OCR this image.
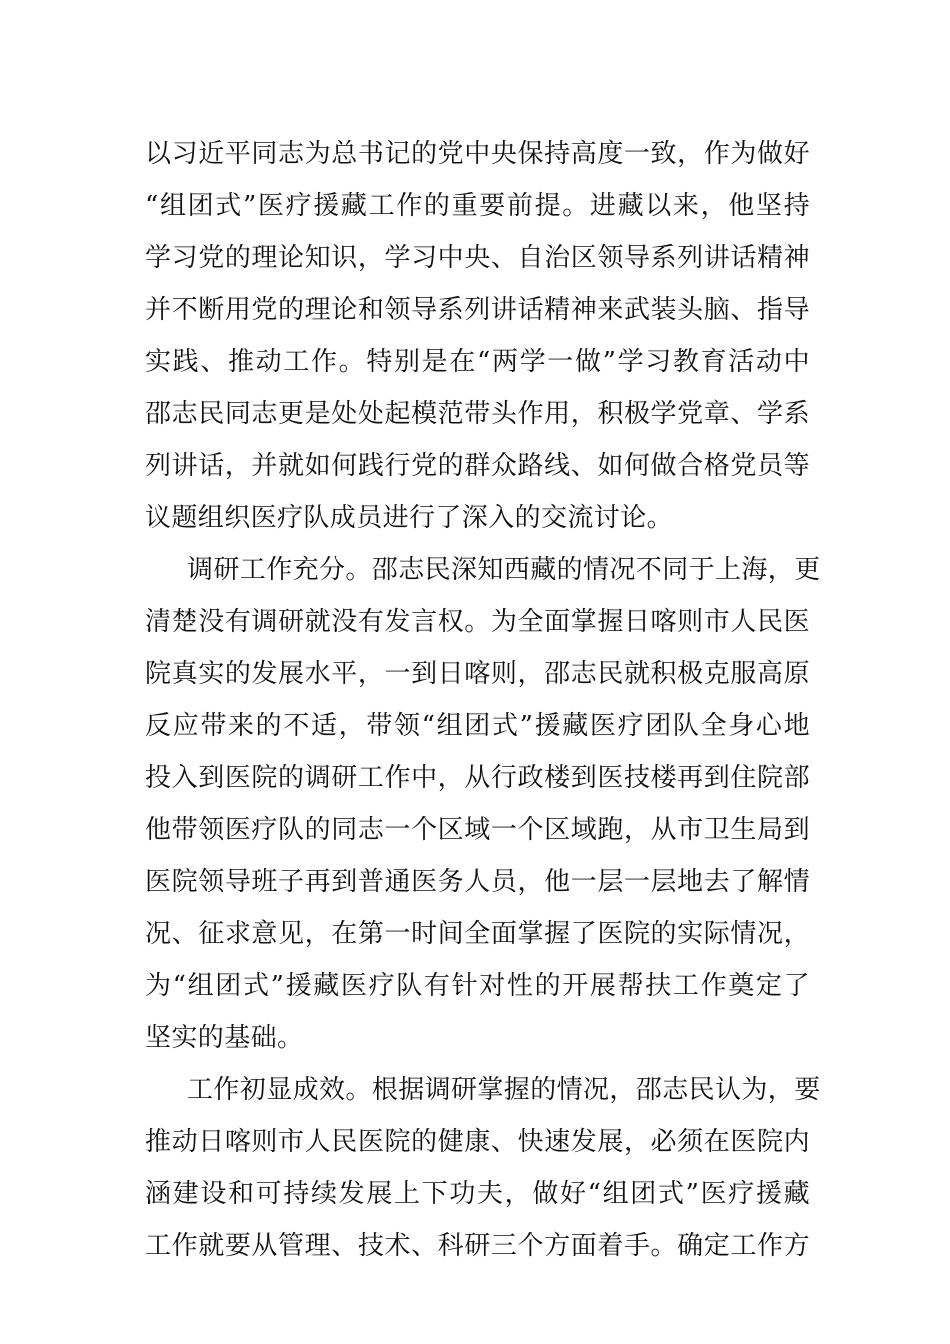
以习近平同志为总书记的党中央保持高度一致，作为做好
“组团式”医疗援藏工作的重要前提。进藏以来，他坚持
学习党的理论知识，学习中央、自治区领导系列讲话精神
并不断用党的理论和领导系列讲话精神来武装头脑、指导
实践、推动工作。特别是在“两学一做”学习教育活动中
邵志民同志更是处处起模范带头作用，积极学党章、学系
列讲话，并就如何践行党的群众路线、如何做合格党员等
议题组织医疗队成员进行了深入的交流讨论。
调研工作充分。邵志民深知西藏的情况不同于上海，更
清楚没有调研就没有发言权。为全面掌握日喀则市人民医
院真实的发展水平，一到日喀则，邵志民就积极克服高原
反应带来的不适，带领“组团式”援藏医疗团队全身心地
投入到医院的调研工作中，从行政楼到医技楼再到住院部
他带领医疗队的同志一个区域一个区域跑，从市卫生局到
医院领导班子再到普通医务人员，他一层一层地去了解情
况、征求意见，在第一时间全面掌握了医院的实际情况，
为“组团式”援藏医疗队有针对性的开展帮扶工作奠定了
坚实的基础。
工作初显成效。根据调研掌握的情况，邵志民认为，要
推动日喀则市人民医院的健康、快速发展，必须在医院内
涵建设和可持续发展上下功夫，做好“组团式”医疗援藏
工作就要从管理、技术、科研三个方面着手。确定工作方
